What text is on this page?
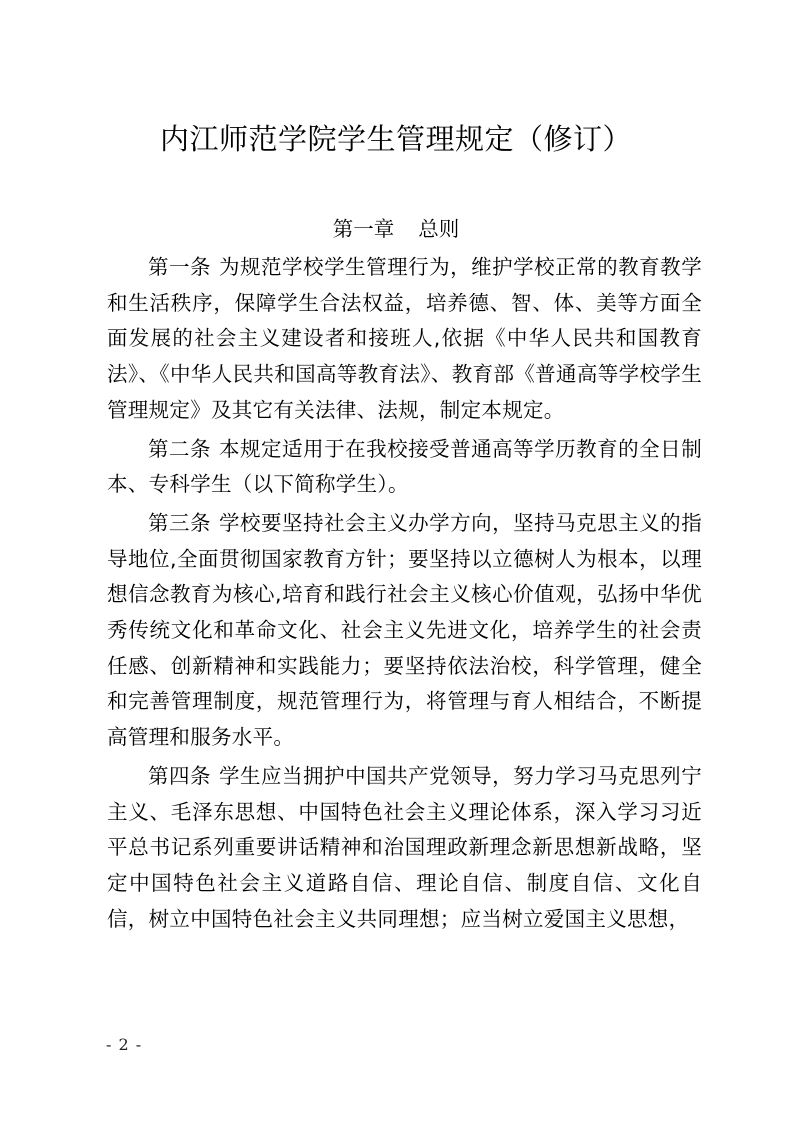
内江师范学院学生管理规定（修订）
第一章 总则

第一条 为规范学校学生管理行为，维护学校正常的教育教学和生活秩序，保障学生合法权益，培养德、智、体、美等方面全面发展的社会主义建设者和接班人,依据《中华人民共和国教育法》、《中华人民共和国高等教育法》、教育部《普通高等学校学生管理规定》及其它有关法律、法规，制定本规定。

第二条 本规定适用于在我校接受普通高等学历教育的全日制本、专科学生（以下简称学生）。

第三条 学校要坚持社会主义办学方向，坚持马克思主义的指导地位,全面贯彻国家教育方针；要坚持以立德树人为根本，以理想信念教育为核心,培育和践行社会主义核心价值观，弘扬中华优秀传统文化和革命文化、社会主义先进文化，培养学生的社会责任感、创新精神和实践能力；要坚持依法治校，科学管理，健全和完善管理制度，规范管理行为，将管理与育人相结合，不断提高管理和服务水平。

第四条 学生应当拥护中国共产党领导，努力学习马克思列宁主义、毛泽东思想、中国特色社会主义理论体系，深入学习习近平总书记系列重要讲话精神和治国理政新理念新思想新战略，坚定中国特色社会主义道路自信、理论自信、制度自信、文化自信，树立中国特色社会主义共同理想；应当树立爱国主义思想，

- 2 -
